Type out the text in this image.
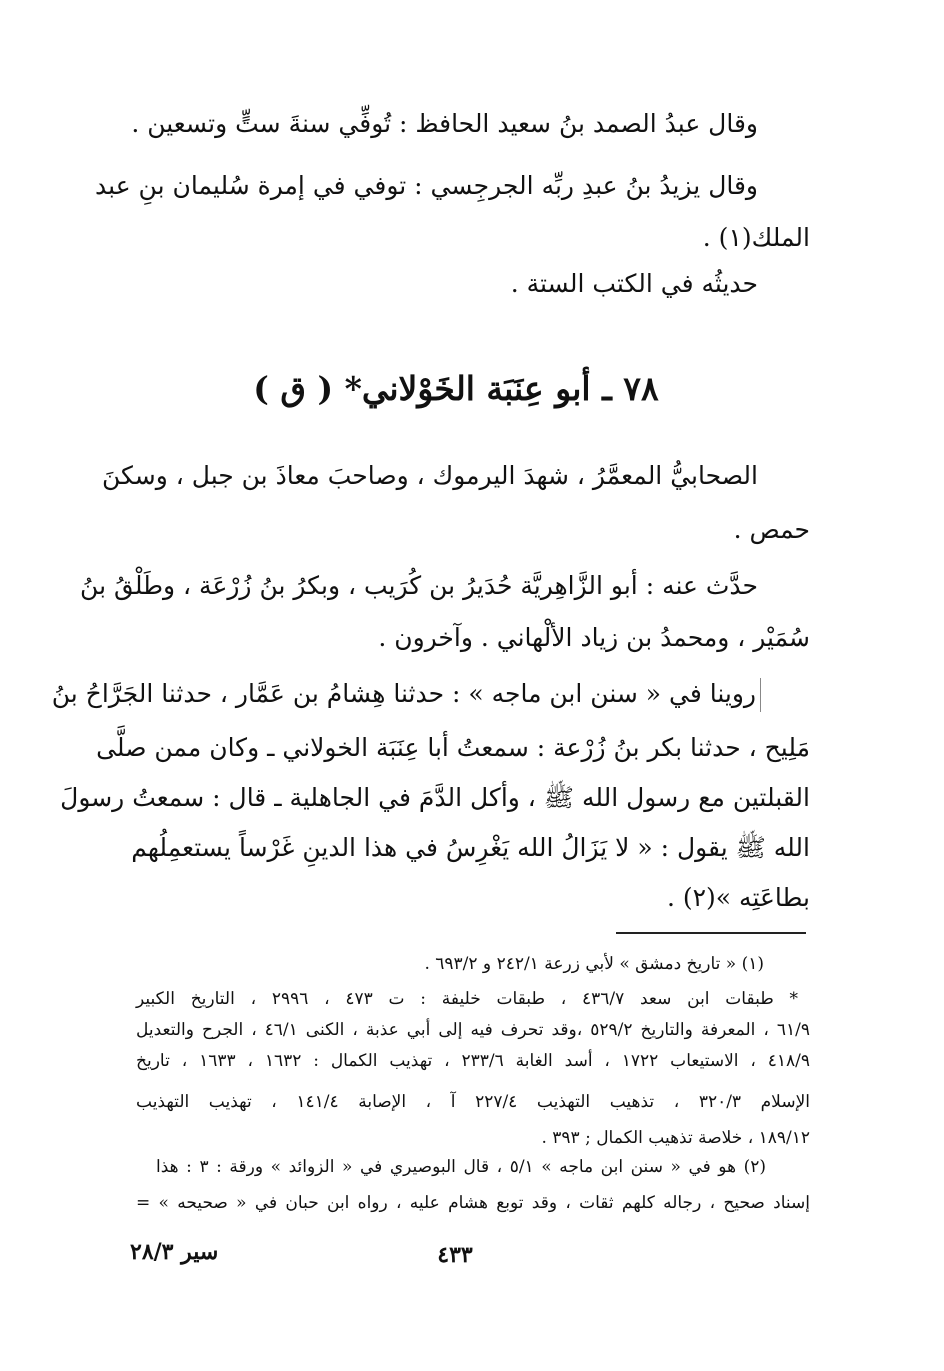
وقال عبدُ الصمد بنُ سعيد الحافظ : تُوفِّي سنةَ ستٍّ وتسعين .
وقال يزيدُ بنُ عبدِ ربِّه الجرجِسي : توفي في إمرة سُليمان بنِ عبد
الملك(١) .
حديثُه في الكتب الستة .
٧٨ ـ أبو عِنَبَة الخَوْلاني* ( ق )
الصحابيُّ المعمَّرُ ، شهدَ اليرموك ، وصاحبَ معاذَ بن جبل ، وسكنَ
حمص .
حدَّث عنه : أبو الزَّاهِريَّة حُدَيرُ بن كُرَيب ، وبكرُ بنُ زُرْعَة ، وطَلْقُ بنُ
سُمَيْر ، ومحمدُ بن زياد الألْهاني . وآخرون .
روينا في « سنن ابن ماجه » : حدثنا هِشامُ بن عَمَّار ، حدثنا الجَرَّاحُ بنُ
مَلِيح ، حدثنا بكر بنُ زُرْعة : سمعتُ أبا عِنَبَة الخولاني ـ وكان ممن صلَّى
القبلتين مع رسول الله ﷺ ، وأكل الدَّمَ في الجاهلية ـ قال : سمعتُ رسولَ
الله ﷺ يقول : « لا يَزَالُ الله يَغْرِسُ في هذا الدينِ غَرْساً يستعمِلُهم
بطاعَتِه »(٢) .
(١) « تاريخ دمشق » لأبي زرعة ٢٤٢/١ و ٦٩٣/٢ .
* طبقات ابن سعد ٤٣٦/٧ ، طبقات خليفة : ت ٤٧٣ ، ٢٩٩٦ ، التاريخ الكبير
٦١/٩ ، المعرفة والتاريخ ٥٢٩/٢ ،وقد تحرف فيه إلى أبي عذبة ، الكنى ٤٦/١ ، الجرح والتعديل
٤١٨/٩ ، الاستيعاب ١٧٢٢ ، أسد الغابة ٢٣٣/٦ ، تهذيب الكمال : ١٦٣٢ ، ١٦٣٣ ، تاريخ
الإسلام ٣٢٠/٣ ، تذهيب التهذيب ٢٢٧/٤ آ ، الإصابة ١٤١/٤ ، تهذيب التهذيب
١٨٩/١٢ ، خلاصة تذهيب الكمال ; ٣٩٣ .
(٢) هو في « سنن ابن ماجه » ٥/١ ، قال البوصيري في « الزوائد » ورقة : ٣ : هذا
إسناد صحيح ، رجاله كلهم ثقات ، وقد توبع هشام عليه ، رواه ابن حبان في « صحيحه » =
٤٣٣
سير ٢٨/٣
